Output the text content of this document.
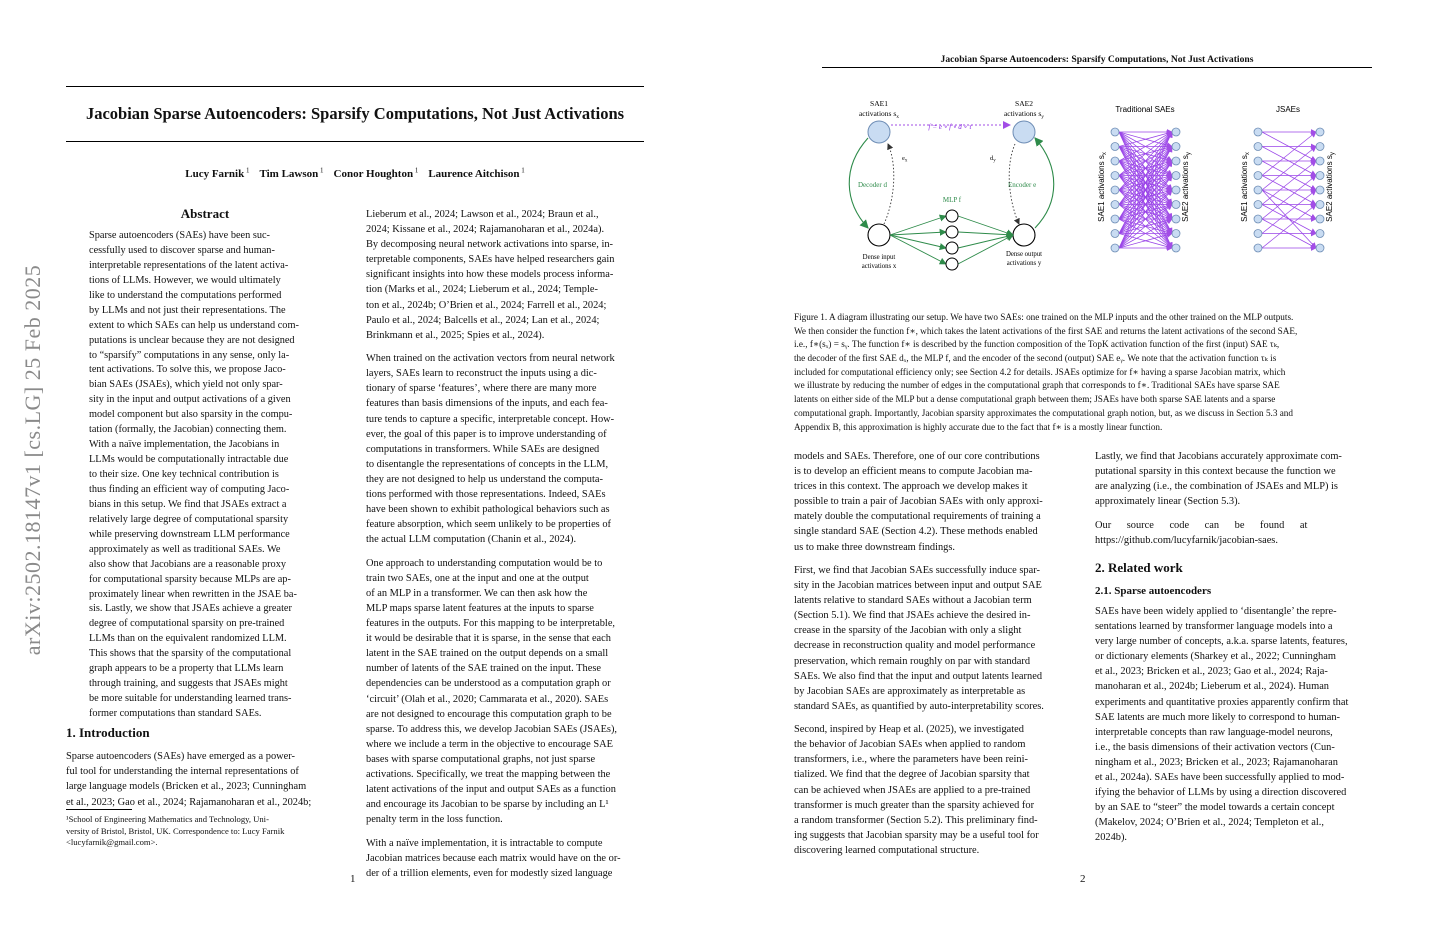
arXiv:2502.18147v1 [cs.LG] 25 Feb 2025
Jacobian Sparse Autoencoders: Sparsify Computations, Not Just Activations
Lucy Farnik $^1$ Tim Lawson $^1$ Conor Houghton $^1$ Laurence Aitchison $^1$
Abstract
Sparse autoencoders (SAEs) have been suc-
cessfully used to discover sparse and human-
interpretable representations of the latent activa-
tions of LLMs. However, we would ultimately
like to understand the computations performed
by LLMs and not just their representations. The
extent to which SAEs can help us understand com-
putations is unclear because they are not designed
to “sparsify” computations in any sense, only la-
tent activations. To solve this, we propose Jaco-
bian SAEs (JSAEs), which yield not only spar-
sity in the input and output activations of a given
model component but also sparsity in the compu-
tation (formally, the Jacobian) connecting them.
With a naïve implementation, the Jacobians in
LLMs would be computationally intractable due
to their size. One key technical contribution is
thus finding an efficient way of computing Jaco-
bians in this setup. We find that JSAEs extract a
relatively large degree of computational sparsity
while preserving downstream LLM performance
approximately as well as traditional SAEs. We
also show that Jacobians are a reasonable proxy
for computational sparsity because MLPs are ap-
proximately linear when rewritten in the JSAE ba-
sis. Lastly, we show that JSAEs achieve a greater
degree of computational sparsity on pre-trained
LLMs than on the equivalent randomized LLM.
This shows that the sparsity of the computational
graph appears to be a property that LLMs learn
through training, and suggests that JSAEs might
be more suitable for understanding learned trans-
former computations than standard SAEs.
1. Introduction
Sparse autoencoders (SAEs) have emerged as a power-
ful tool for understanding the internal representations of
large language models (Bricken et al., 2023; Cunningham
et al., 2023; Gao et al., 2024; Rajamanoharan et al., 2024b;
¹School of Engineering Mathematics and Technology, Uni-
versity of Bristol, Bristol, UK. Correspondence to: Lucy Farnik
<lucyfarnik@gmail.com>.
Lieberum et al., 2024; Lawson et al., 2024; Braun et al.,
2024; Kissane et al., 2024; Rajamanoharan et al., 2024a).
By decomposing neural network activations into sparse, in-
terpretable components, SAEs have helped researchers gain
significant insights into how these models process informa-
tion (Marks et al., 2024; Lieberum et al., 2024; Temple-
ton et al., 2024b; O’Brien et al., 2024; Farrell et al., 2024;
Paulo et al., 2024; Balcells et al., 2024; Lan et al., 2024;
Brinkmann et al., 2025; Spies et al., 2024).
When trained on the activation vectors from neural network
layers, SAEs learn to reconstruct the inputs using a dic-
tionary of sparse ‘features’, where there are many more
features than basis dimensions of the inputs, and each fea-
ture tends to capture a specific, interpretable concept. How-
ever, the goal of this paper is to improve understanding of
computations in transformers. While SAEs are designed
to disentangle the representations of concepts in the LLM,
they are not designed to help us understand the computa-
tions performed with those representations. Indeed, SAEs
have been shown to exhibit pathological behaviors such as
feature absorption, which seem unlikely to be properties of
the actual LLM computation (Chanin et al., 2024).
One approach to understanding computation would be to
train two SAEs, one at the input and one at the output
of an MLP in a transformer. We can then ask how the
MLP maps sparse latent features at the inputs to sparse
features in the outputs. For this mapping to be interpretable,
it would be desirable that it is sparse, in the sense that each
latent in the SAE trained on the output depends on a small
number of latents of the SAE trained on the input. These
dependencies can be understood as a computation graph or
‘circuit’ (Olah et al., 2020; Cammarata et al., 2020). SAEs
are not designed to encourage this computation graph to be
sparse. To address this, we develop Jacobian SAEs (JSAEs),
where we include a term in the objective to encourage SAE
bases with sparse computational graphs, not just sparse
activations. Specifically, we treat the mapping between the
latent activations of the input and output SAEs as a function
and encourage its Jacobian to be sparse by including an L¹
penalty term in the loss function.
With a naïve implementation, it is intractable to compute
Jacobian matrices because each matrix would have on the or-
der of a trillion elements, even for modestly sized language
1
Jacobian Sparse Autoencoders: Sparsify Computations, Not Just Activations
SAE1
activations $s_x$
SAE2
activations $s_y$
f = e ∘ f ∘ d ∘ τ
Dense input
activations x
Dense output
activations y
Decoder d	Encoder e
$e_x$	$d_y$
MLP f
Traditional SAEs	JSAEs
SAE1 activations $s_x$
SAE2 activations $s_y$
SAE1 activations $s_x$
SAE2 activations $s_y$
Figure 1. A diagram illustrating our setup. We have two SAEs: one trained on the MLP inputs and the other trained on the MLP outputs.
We then consider the function f∗, which takes the latent activations of the first SAE and returns the latent activations of the second SAE,
i.e., f∗(sₓ) = sᵧ. The function f∗ is described by the function composition of the TopK activation function of the first (input) SAE τₖ,
the decoder of the first SAE dₓ, the MLP f, and the encoder of the second (output) SAE eᵧ. We note that the activation function τₖ is
included for computational efficiency only; see Section 4.2 for details. JSAEs optimize for f∗ having a sparse Jacobian matrix, which
we illustrate by reducing the number of edges in the computational graph that corresponds to f∗. Traditional SAEs have sparse SAE
latents on either side of the MLP but a dense computational graph between them; JSAEs have both sparse SAE latents and a sparse
computational graph. Importantly, Jacobian sparsity approximates the computational graph notion, but, as we discuss in Section 5.3 and
Appendix B, this approximation is highly accurate due to the fact that f∗ is a mostly linear function.
models and SAEs. Therefore, one of our core contributions
is to develop an efficient means to compute Jacobian ma-
trices in this context. The approach we develop makes it
possible to train a pair of Jacobian SAEs with only approxi-
mately double the computational requirements of training a
single standard SAE (Section 4.2). These methods enabled
us to make three downstream findings.
First, we find that Jacobian SAEs successfully induce spar-
sity in the Jacobian matrices between input and output SAE
latents relative to standard SAEs without a Jacobian term
(Section 5.1). We find that JSAEs achieve the desired in-
crease in the sparsity of the Jacobian with only a slight
decrease in reconstruction quality and model performance
preservation, which remain roughly on par with standard
SAEs. We also find that the input and output latents learned
by Jacobian SAEs are approximately as interpretable as
standard SAEs, as quantified by auto-interpretability scores.
Second, inspired by Heap et al. (2025), we investigated
the behavior of Jacobian SAEs when applied to random
transformers, i.e., where the parameters have been reini-
tialized. We find that the degree of Jacobian sparsity that
can be achieved when JSAEs are applied to a pre-trained
transformer is much greater than the sparsity achieved for
a random transformer (Section 5.2). This preliminary find-
ing suggests that Jacobian sparsity may be a useful tool for
discovering learned computational structure.
Lastly, we find that Jacobians accurately approximate com-
putational sparsity in this context because the function we
are analyzing (i.e., the combination of JSAEs and MLP) is
approximately linear (Section 5.3).
Our      source      code      can      be      found      at
https://github.com/lucyfarnik/jacobian-saes.
2. Related work
2.1. Sparse autoencoders
SAEs have been widely applied to ‘disentangle’ the repre-
sentations learned by transformer language models into a
very large number of concepts, a.k.a. sparse latents, features,
or dictionary elements (Sharkey et al., 2022; Cunningham
et al., 2023; Bricken et al., 2023; Gao et al., 2024; Raja-
manoharan et al., 2024b; Lieberum et al., 2024). Human
experiments and quantitative proxies apparently confirm that
SAE latents are much more likely to correspond to human-
interpretable concepts than raw language-model neurons,
i.e., the basis dimensions of their activation vectors (Cun-
ningham et al., 2023; Bricken et al., 2023; Rajamanoharan
et al., 2024a). SAEs have been successfully applied to mod-
ifying the behavior of LLMs by using a direction discovered
by an SAE to “steer” the model towards a certain concept
(Makelov, 2024; O’Brien et al., 2024; Templeton et al.,
2024b).
2
